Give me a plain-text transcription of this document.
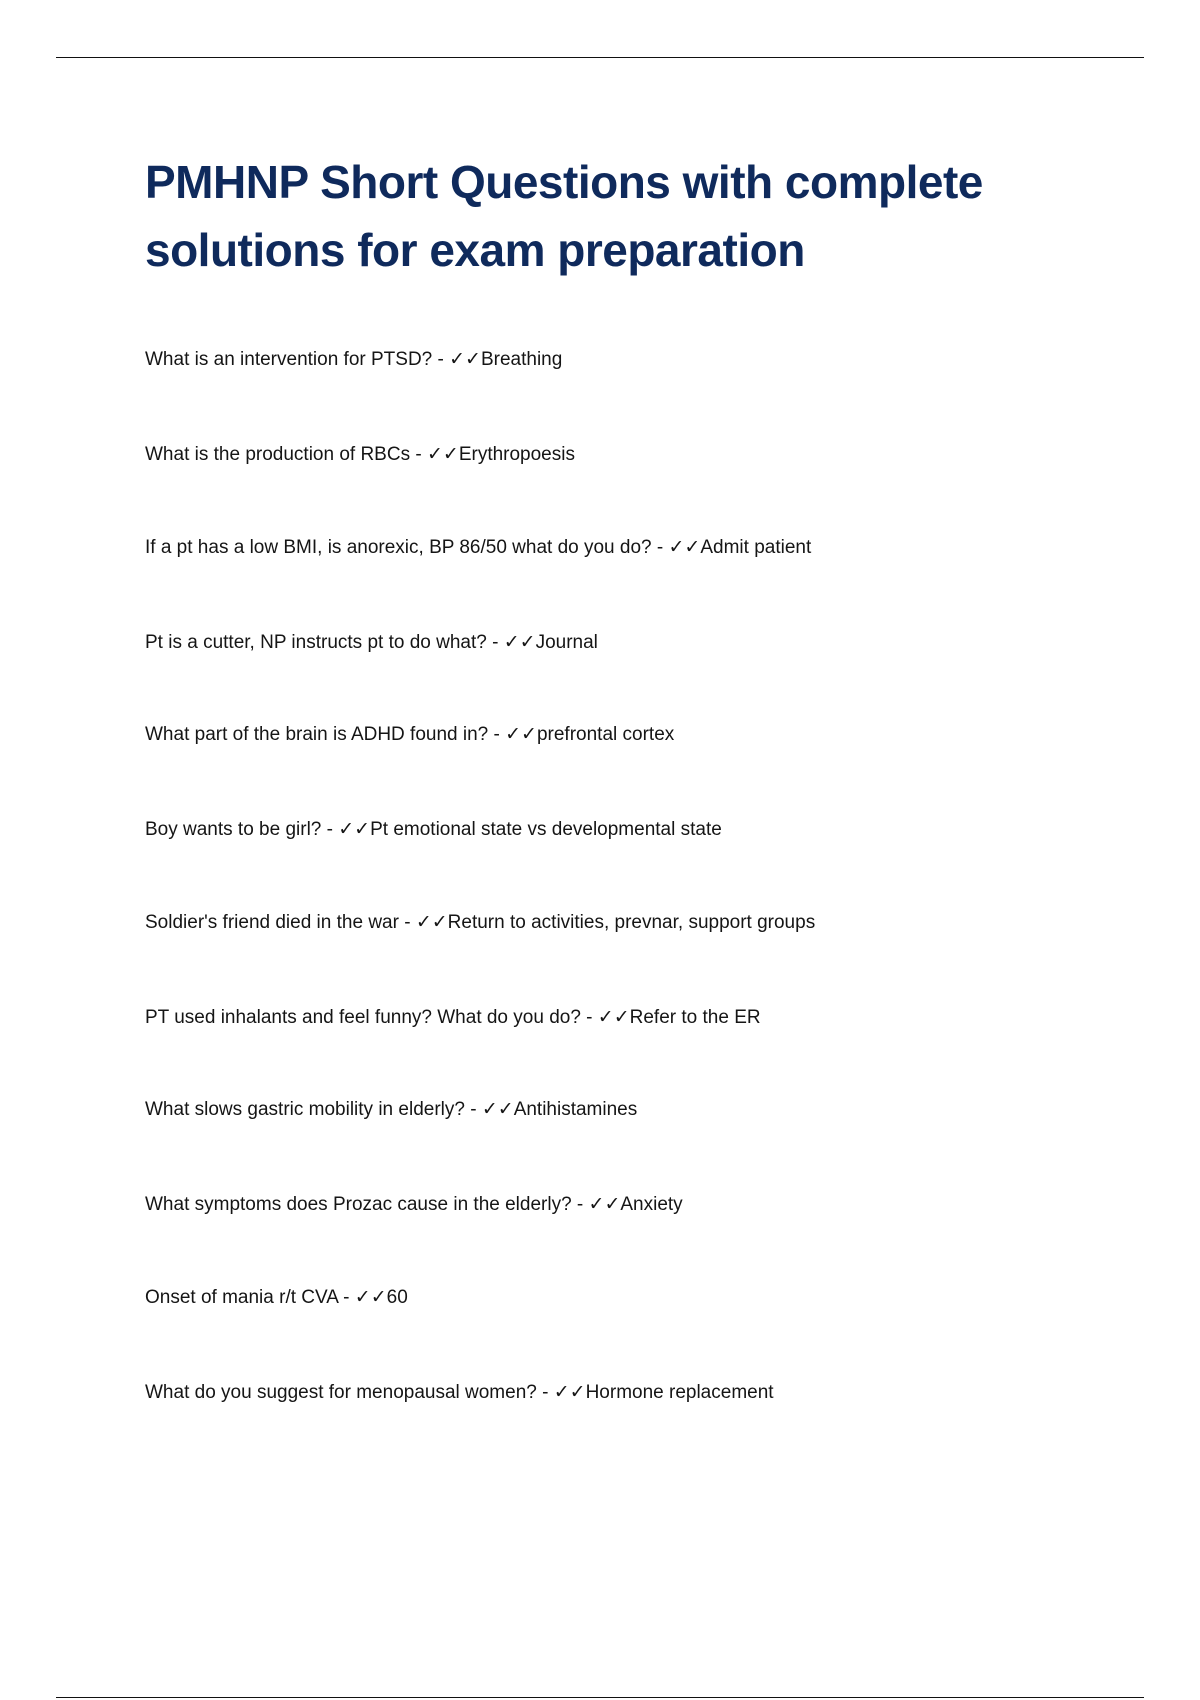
PMHNP Short Questions with complete solutions for exam preparation
What is an intervention for PTSD? - ✓✓Breathing
What is the production of RBCs - ✓✓Erythropoesis
If a pt has a low BMI, is anorexic, BP 86/50 what do you do? - ✓✓Admit patient
Pt is a cutter, NP instructs pt to do what? - ✓✓Journal
What part of the brain is ADHD found in? - ✓✓prefrontal cortex
Boy wants to be girl? - ✓✓Pt emotional state vs developmental state
Soldier's friend died in the war - ✓✓Return to activities, prevnar, support groups
PT used inhalants and feel funny? What do you do? - ✓✓Refer to the ER
What slows gastric mobility in elderly? - ✓✓Antihistamines
What symptoms does Prozac cause in the elderly? - ✓✓Anxiety
Onset of mania r/t CVA - ✓✓60
What do you suggest for menopausal women? - ✓✓Hormone replacement
